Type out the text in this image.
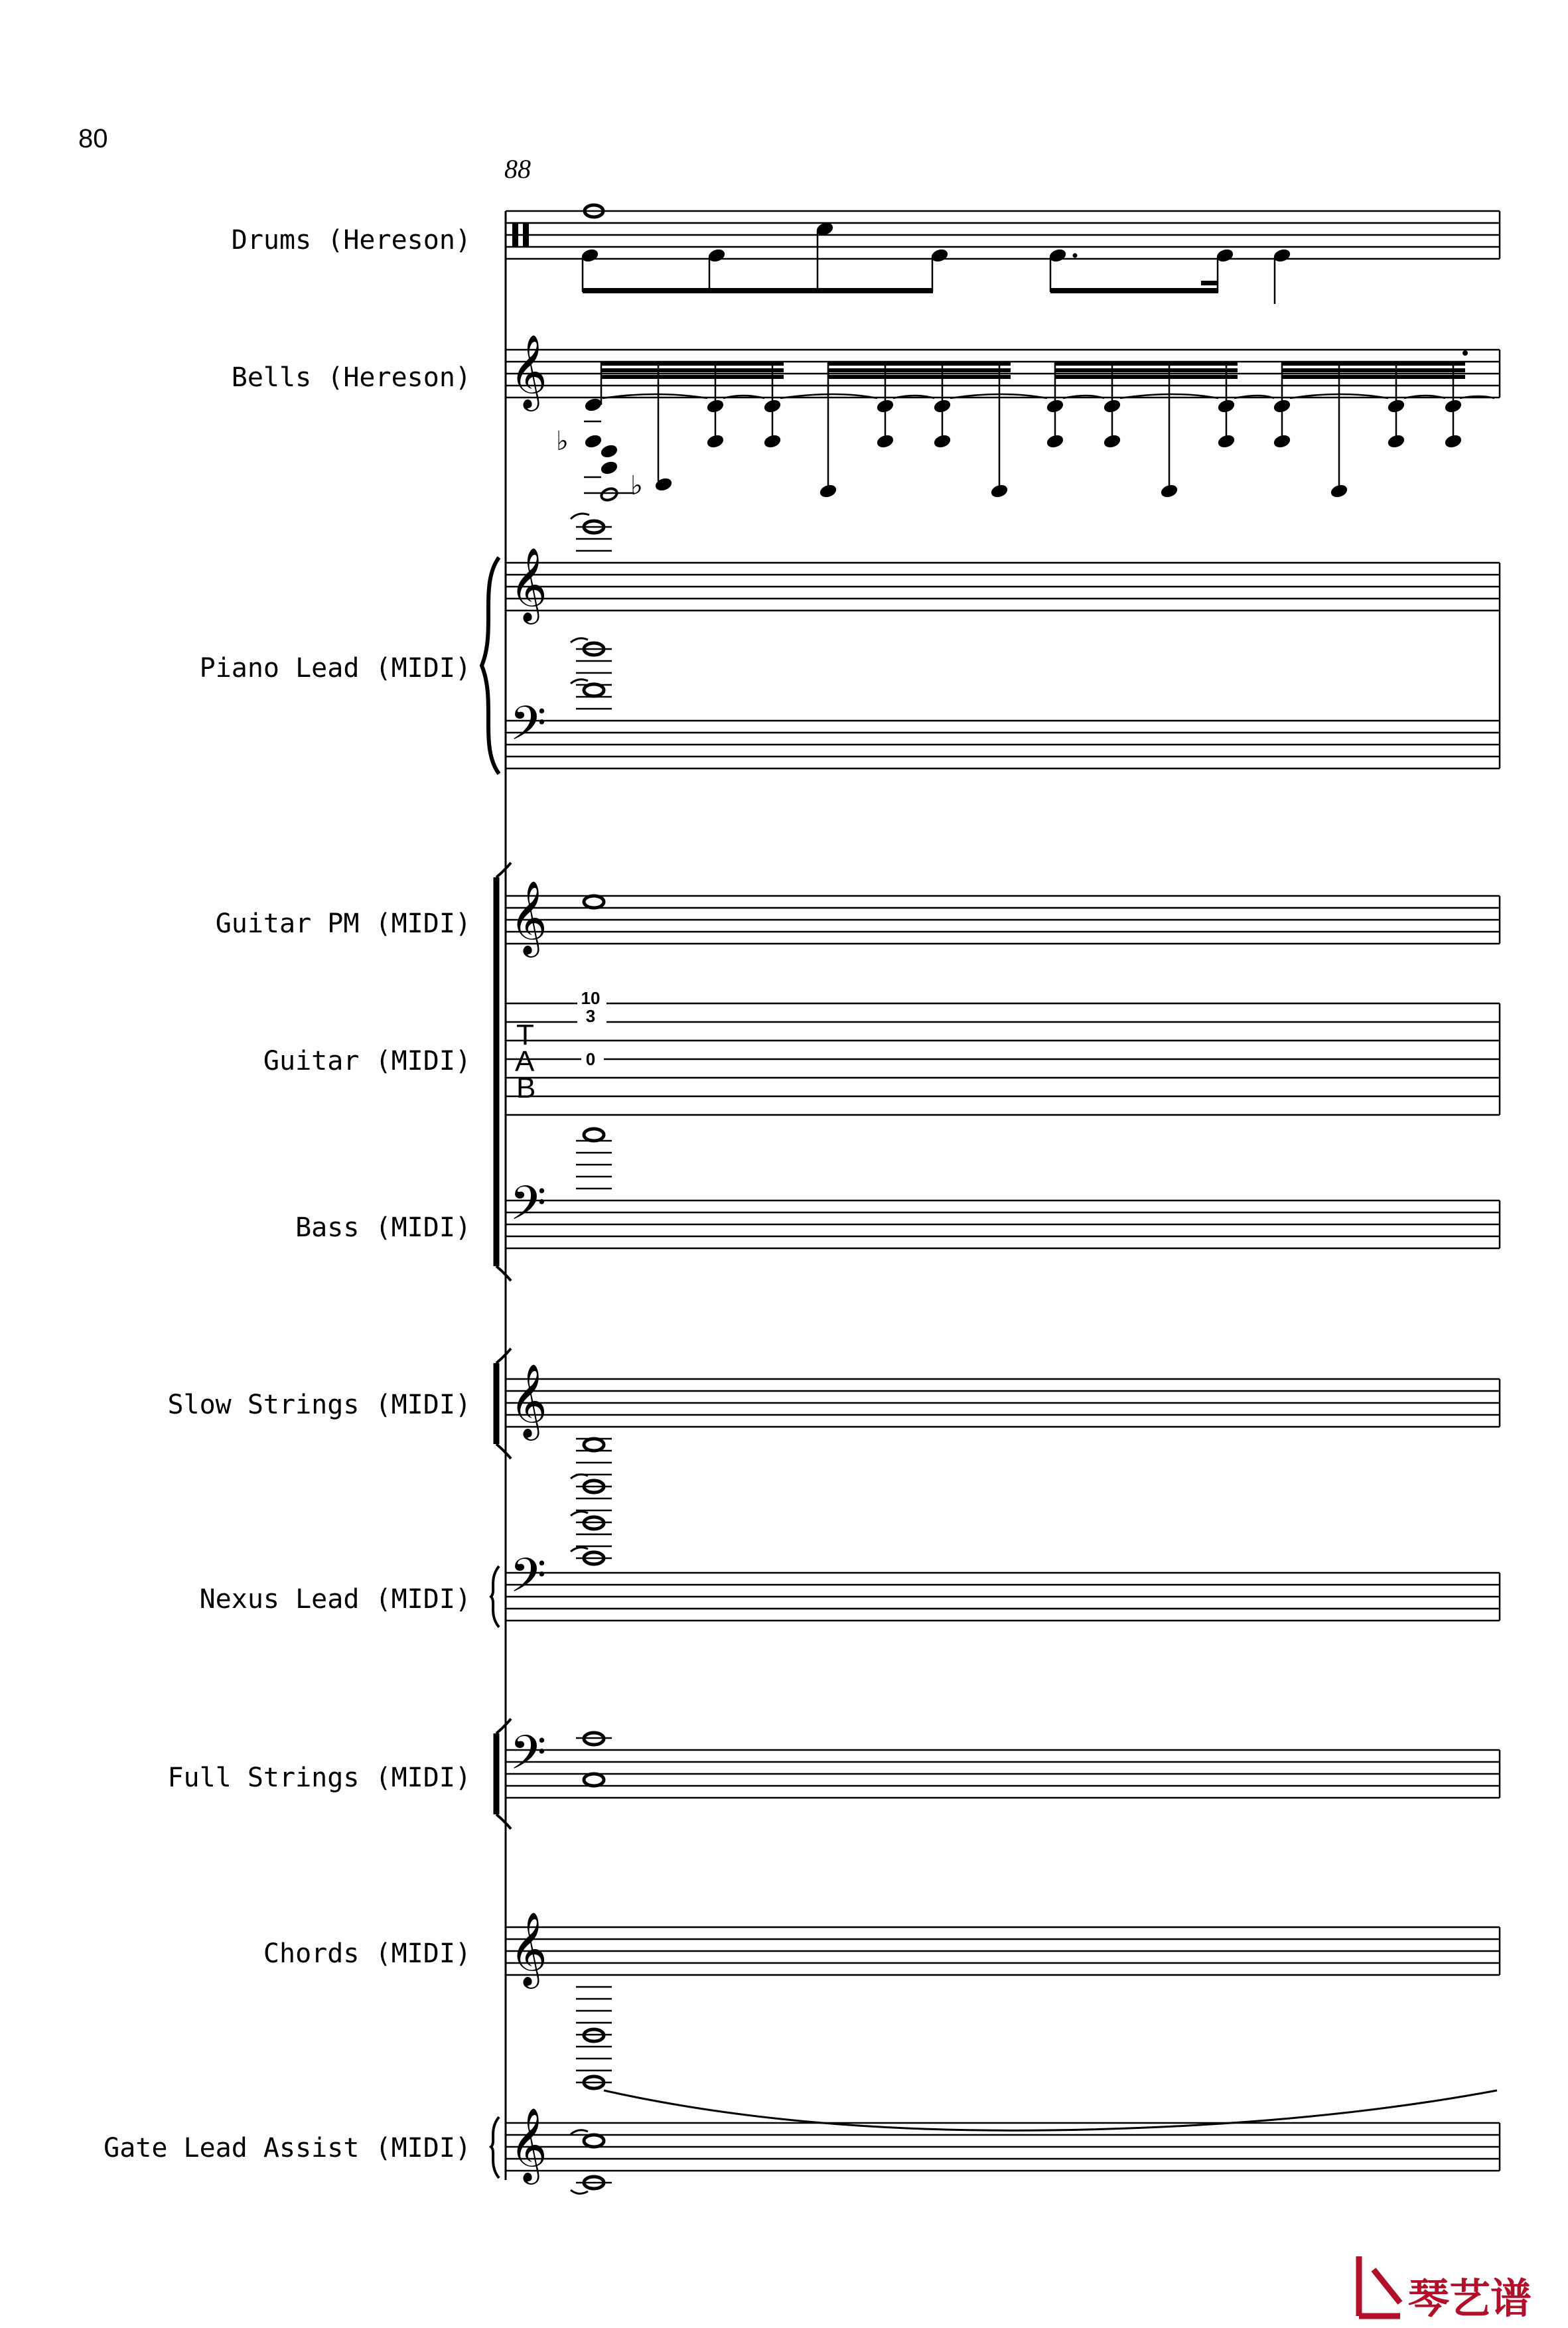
80
88
Drums (Hereson)
Bells (Hereson)
Piano Lead (MIDI)
Guitar PM (MIDI)
Guitar (MIDI)
Bass (MIDI)
Slow Strings (MIDI)
Nexus Lead (MIDI)
Full Strings (MIDI)
Chords (MIDI)
Gate Lead Assist (MIDI)
𝄞
𝄞
𝄢
𝄞
T
A
B
𝄢
𝄞
𝄢
𝄢
𝄞
𝄞
♭
♭
10
3
0
琴艺谱
